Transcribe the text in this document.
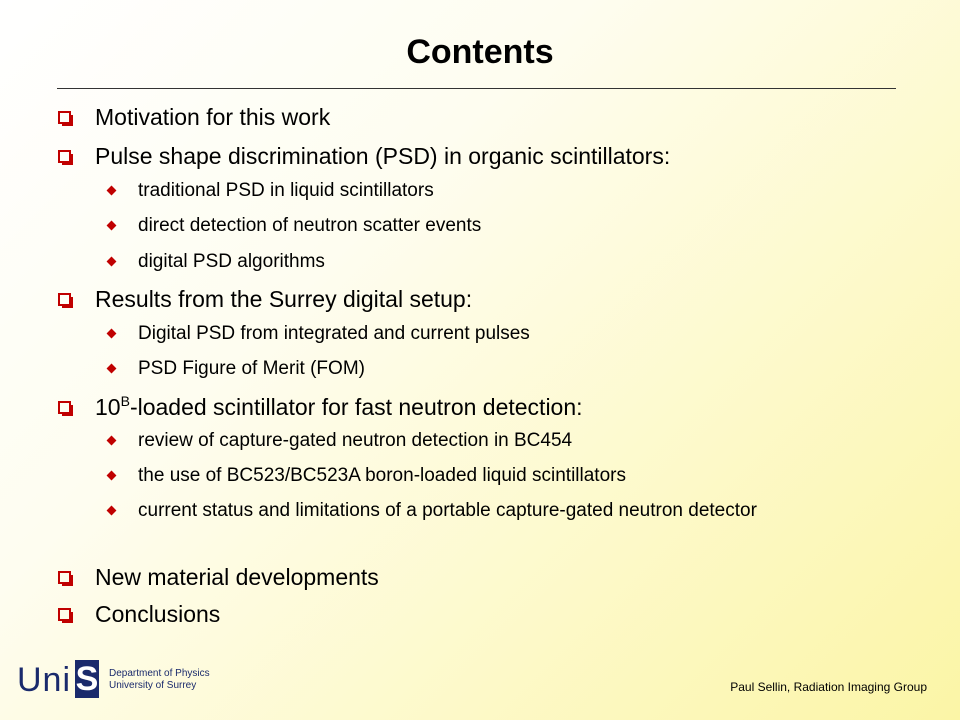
Contents
Motivation for this work
Pulse shape discrimination (PSD) in organic scintillators:
traditional PSD in liquid scintillators
direct detection of neutron scatter events
digital PSD algorithms
Results from the Surrey digital setup:
Digital PSD from integrated and current pulses
PSD Figure of Merit (FOM)
$10^B$-loaded scintillator for fast neutron detection:
review of capture-gated neutron detection in BC454
the use of BC523/BC523A boron-loaded liquid scintillators
current status and limitations of a portable capture-gated neutron detector
New material developments
Conclusions
Uni S Department of Physics
University of Surrey	Paul Sellin, Radiation Imaging Group
